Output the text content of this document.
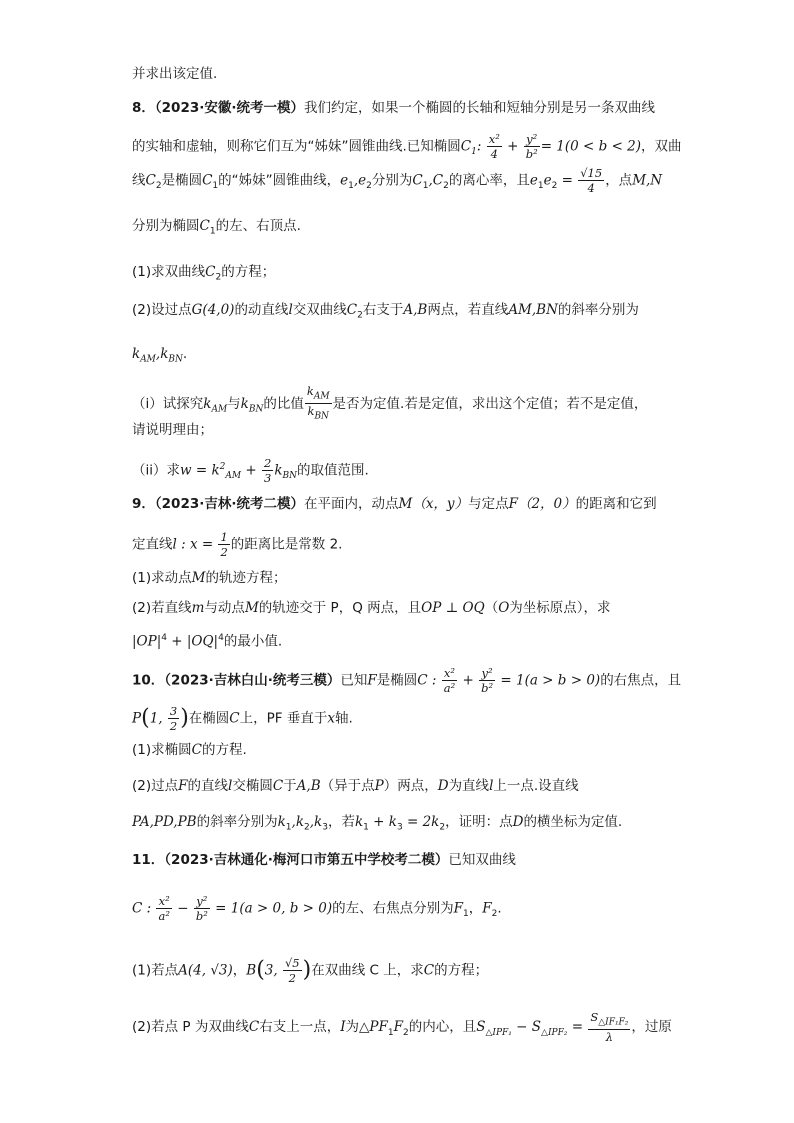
并求出该定值.
8．（2023·安徽·统考一模）我们约定，如果一个椭圆的长轴和短轴分别是另一条双曲线
的实轴和虚轴，则称它们互为“姊妹”圆锥曲线.已知椭圆$C_1$: $\frac{\text{x²}}{4} + \frac{\text{y²}}{\text{b²}} = 1(0 < b < 2)$，双曲
线$C_2$是椭圆$C_1$的“姊妹”圆锥曲线，$e_1,e_2$分别为$C_1,C_2$的离心率，且$e_1e_2 = \frac{√15}{4}$ ，点M,N
分别为椭圆$C_1$的左、右顶点.
(1)求双曲线$C_2$的方程；
(2)设过点G(4,0)的动直线l交双曲线$C_2$右支于A,B两点，若直线AM,BN的斜率分别为
$k_{AM},k_{BN}$.
（i）试探究$k_{AM}$与$k_{BN}$的比值 $\frac{k_{AM}}{k_{BN}}$ 是否为定值.若是定值，求出这个定值；若不是定值，
请说明理由；
（ii）求$w = k^2_{AM} + \frac{2}{3} k_{BN}$的取值范围.
9．（2023·吉林·统考二模）在平面内，动点M（x，y）与定点F（2，0）的距离和它到
定直线l : $x = \frac{1}{2}$ 的距离比是常数 2.
(1)求动点M的轨迹方程；
(2)若直线m与动点M的轨迹交于 P，Q 两点，且OP ⊥ OQ（O为坐标原点），求
$|OP|^4 + |OQ|^4$的最小值.
10．（2023·吉林白山·统考三模）已知F是椭圆C : $\frac{\text{x²}}{\text{a²}} + \frac{\text{y²}}{\text{b²}} = 1(a > b > 0)$的右焦点，且
P(1, $\frac{3}{2}$ )在椭圆C上，PF 垂直于x轴.
(1)求椭圆C的方程.
(2)过点F的直线l交椭圆C于A,B（异于点P）两点，D为直线l上一点.设直线
PA,PD,PB的斜率分别为$k_1,k_2,k_3$，若$k_1 + k_3 = 2k_2$，证明：点D的横坐标为定值.
11．（2023·吉林通化·梅河口市第五中学校考二模）已知双曲线
C : $\frac{\text{x²}}{\text{a²}} - \frac{\text{y²}}{\text{b²}} = 1(a > 0$, b > 0)的左、右焦点分别为$F_1$，$F_2$.
(1)若点A(4, √3)，B(3, $\frac{√5}{2}$ )在双曲线 C 上，求C的方程；
(2)若点 P 为双曲线C右支上一点，I为$\triangle PF_1F_2$的内心，且$S_{\triangle IPF_1} - S_{\triangle IPF_2} = \frac{S_{\triangle IF_1F_2}}{\lambda}$ ，过原
